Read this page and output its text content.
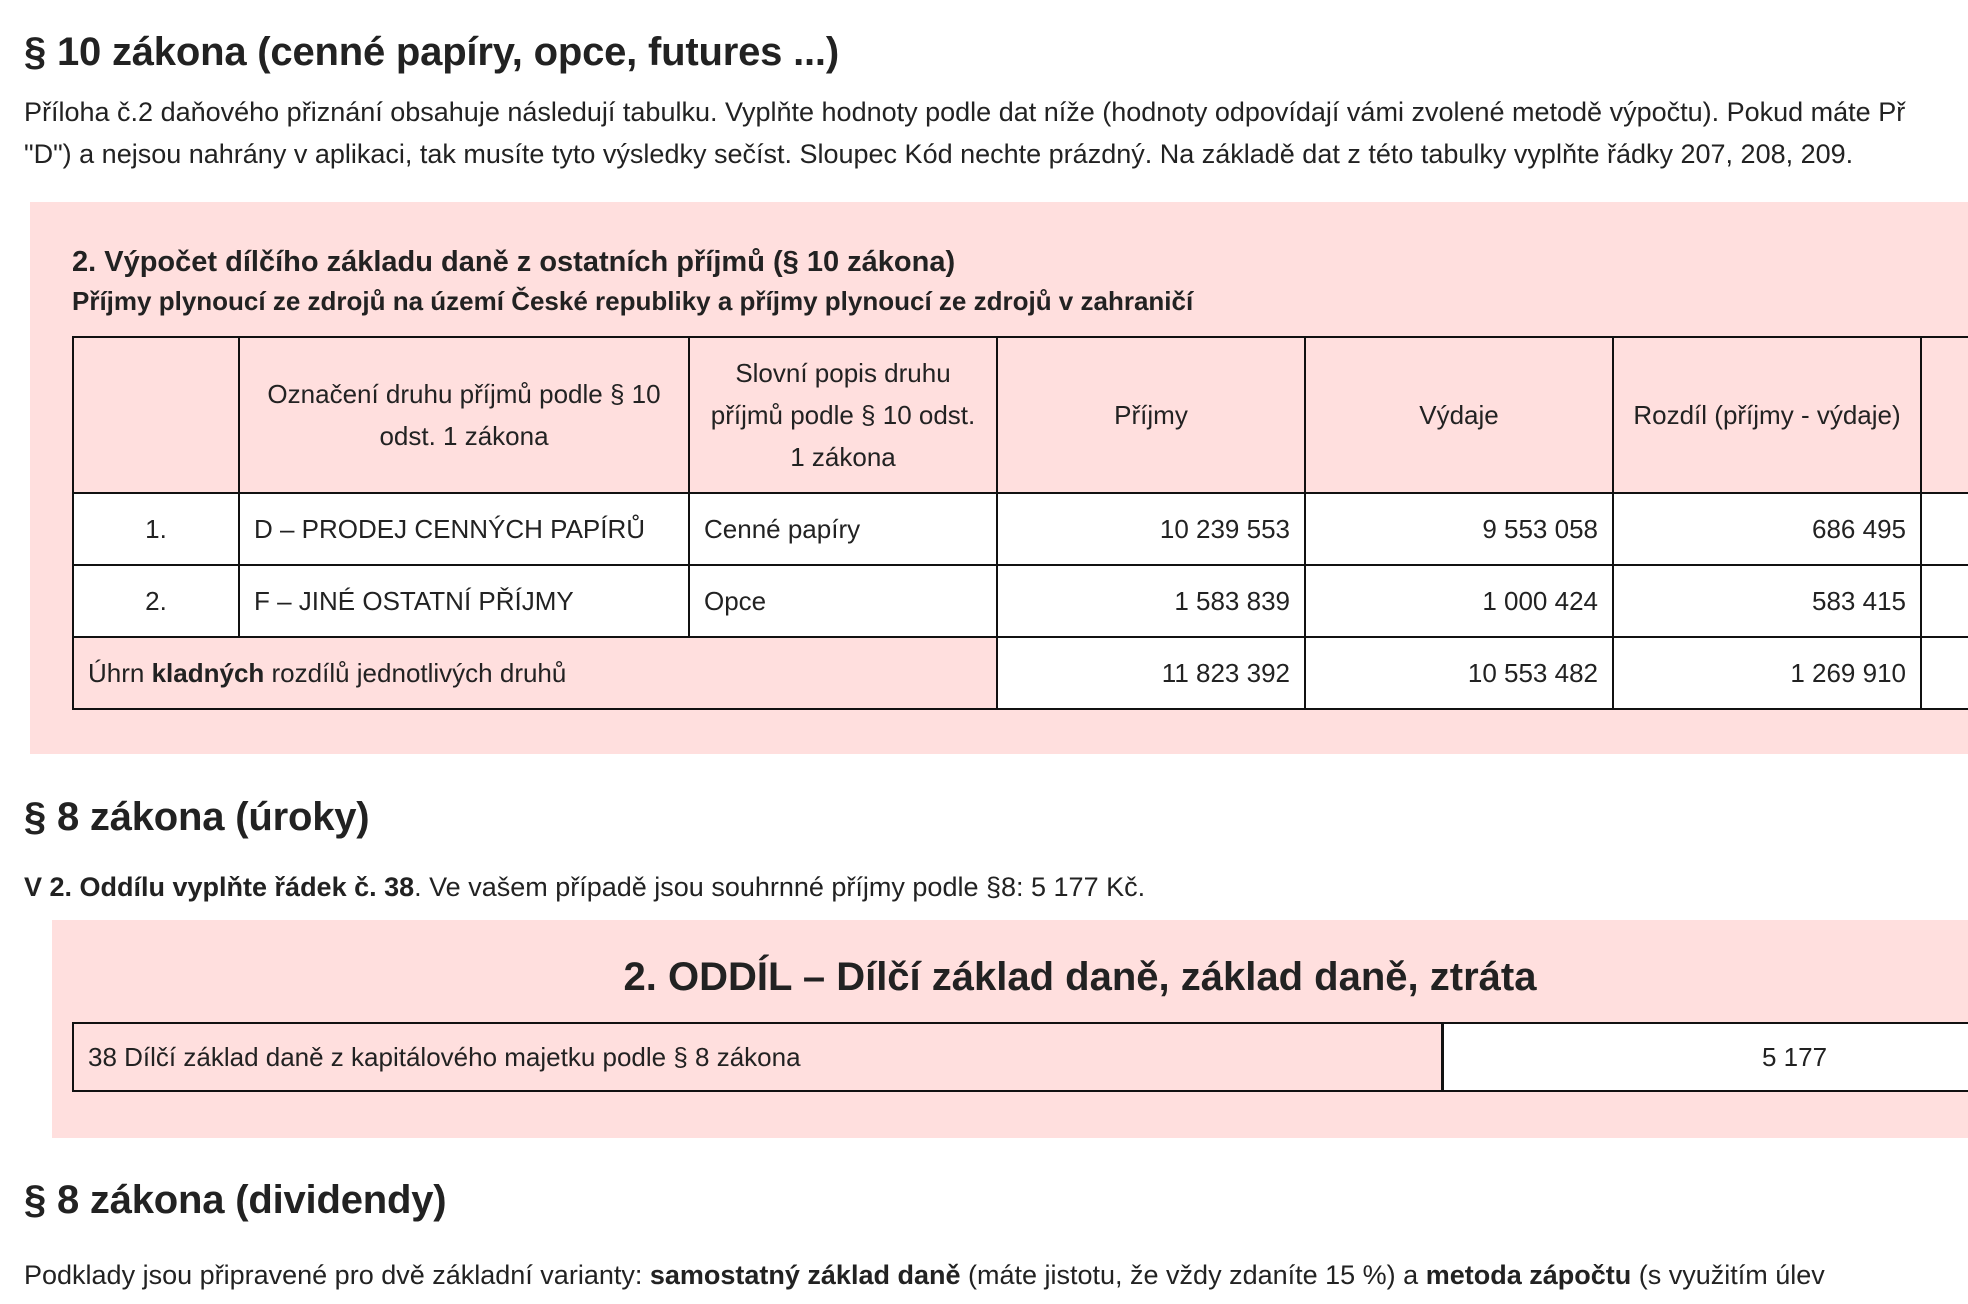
§ 10 zákona (cenné papíry, opce, futures ...)

Příloha č.2 daňového přiznání obsahuje následují tabulku. Vyplňte hodnoty podle dat níže (hodnoty odpovídají vámi zvolené metodě výpočtu). Pokud máte Př

"D") a nejsou nahrány v aplikaci, tak musíte tyto výsledky sečíst. Sloupec Kód nechte prázdný. Na základě dat z této tabulky vyplňte řádky 207, 208, 209.

2. Výpočet dílčího základu daně z ostatních příjmů (§ 10 zákona)
Příjmy plynoucí ze zdrojů na území České republiky a příjmy plynoucí ze zdrojů v zahraničí
	Označení druhu příjmů podle § 10 odst. 1 zákona	Slovní popis druhu příjmů podle § 10 odst. 1 zákona	Příjmy	Výdaje	Rozdíl (příjmy - výdaje)	
1.	D – PRODEJ CENNÝCH PAPÍRŮ	Cenné papíry	10 239 553	9 553 058	686 495	
2.	F – JINÉ OSTATNÍ PŘÍJMY	Opce	1 583 839	1 000 424	583 415	
Úhrn kladných rozdílů jednotlivých druhů			11 823 392	10 553 482	1 269 910	
§ 8 zákona (úroky)

V 2. Oddílu vyplňte řádek č. 38. Ve vašem případě jsou souhrnné příjmy podle §8: 5 177 Kč.

2. ODDÍL – Dílčí základ daně, základ daně, ztráta
38 Dílčí základ daně z kapitálového majetku podle § 8 zákona	5 177
§ 8 zákona (dividendy)

Podklady jsou připravené pro dvě základní varianty: samostatný základ daně (máte jistotu, že vždy zdaníte 15 %) a metoda zápočtu (s využitím úlev
